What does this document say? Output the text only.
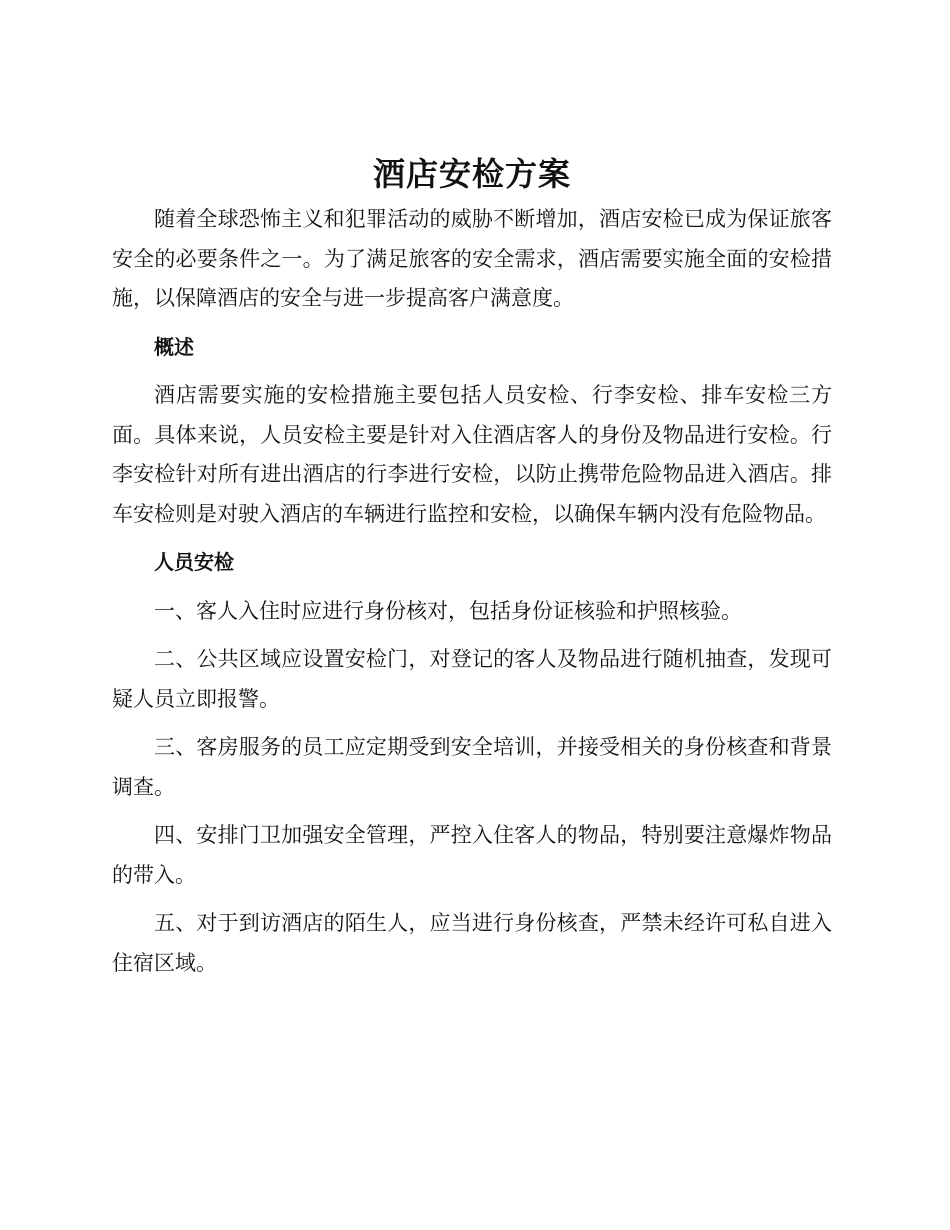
酒店安检方案

随着全球恐怖主义和犯罪活动的威胁不断增加，酒店安检已成为保证旅客安全的必要条件之一。为了满足旅客的安全需求，酒店需要实施全面的安检措施，以保障酒店的安全与进一步提高客户满意度。

概述

酒店需要实施的安检措施主要包括人员安检、行李安检、排车安检三方面。具体来说，人员安检主要是针对入住酒店客人的身份及物品进行安检。行李安检针对所有进出酒店的行李进行安检，以防止携带危险物品进入酒店。排车安检则是对驶入酒店的车辆进行监控和安检，以确保车辆内没有危险物品。

人员安检

一、客人入住时应进行身份核对，包括身份证核验和护照核验。

二、公共区域应设置安检门，对登记的客人及物品进行随机抽查，发现可疑人员立即报警。

三、客房服务的员工应定期受到安全培训，并接受相关的身份核查和背景调查。

四、安排门卫加强安全管理，严控入住客人的物品，特别要注意爆炸物品的带入。

五、对于到访酒店的陌生人，应当进行身份核查，严禁未经许可私自进入住宿区域。
